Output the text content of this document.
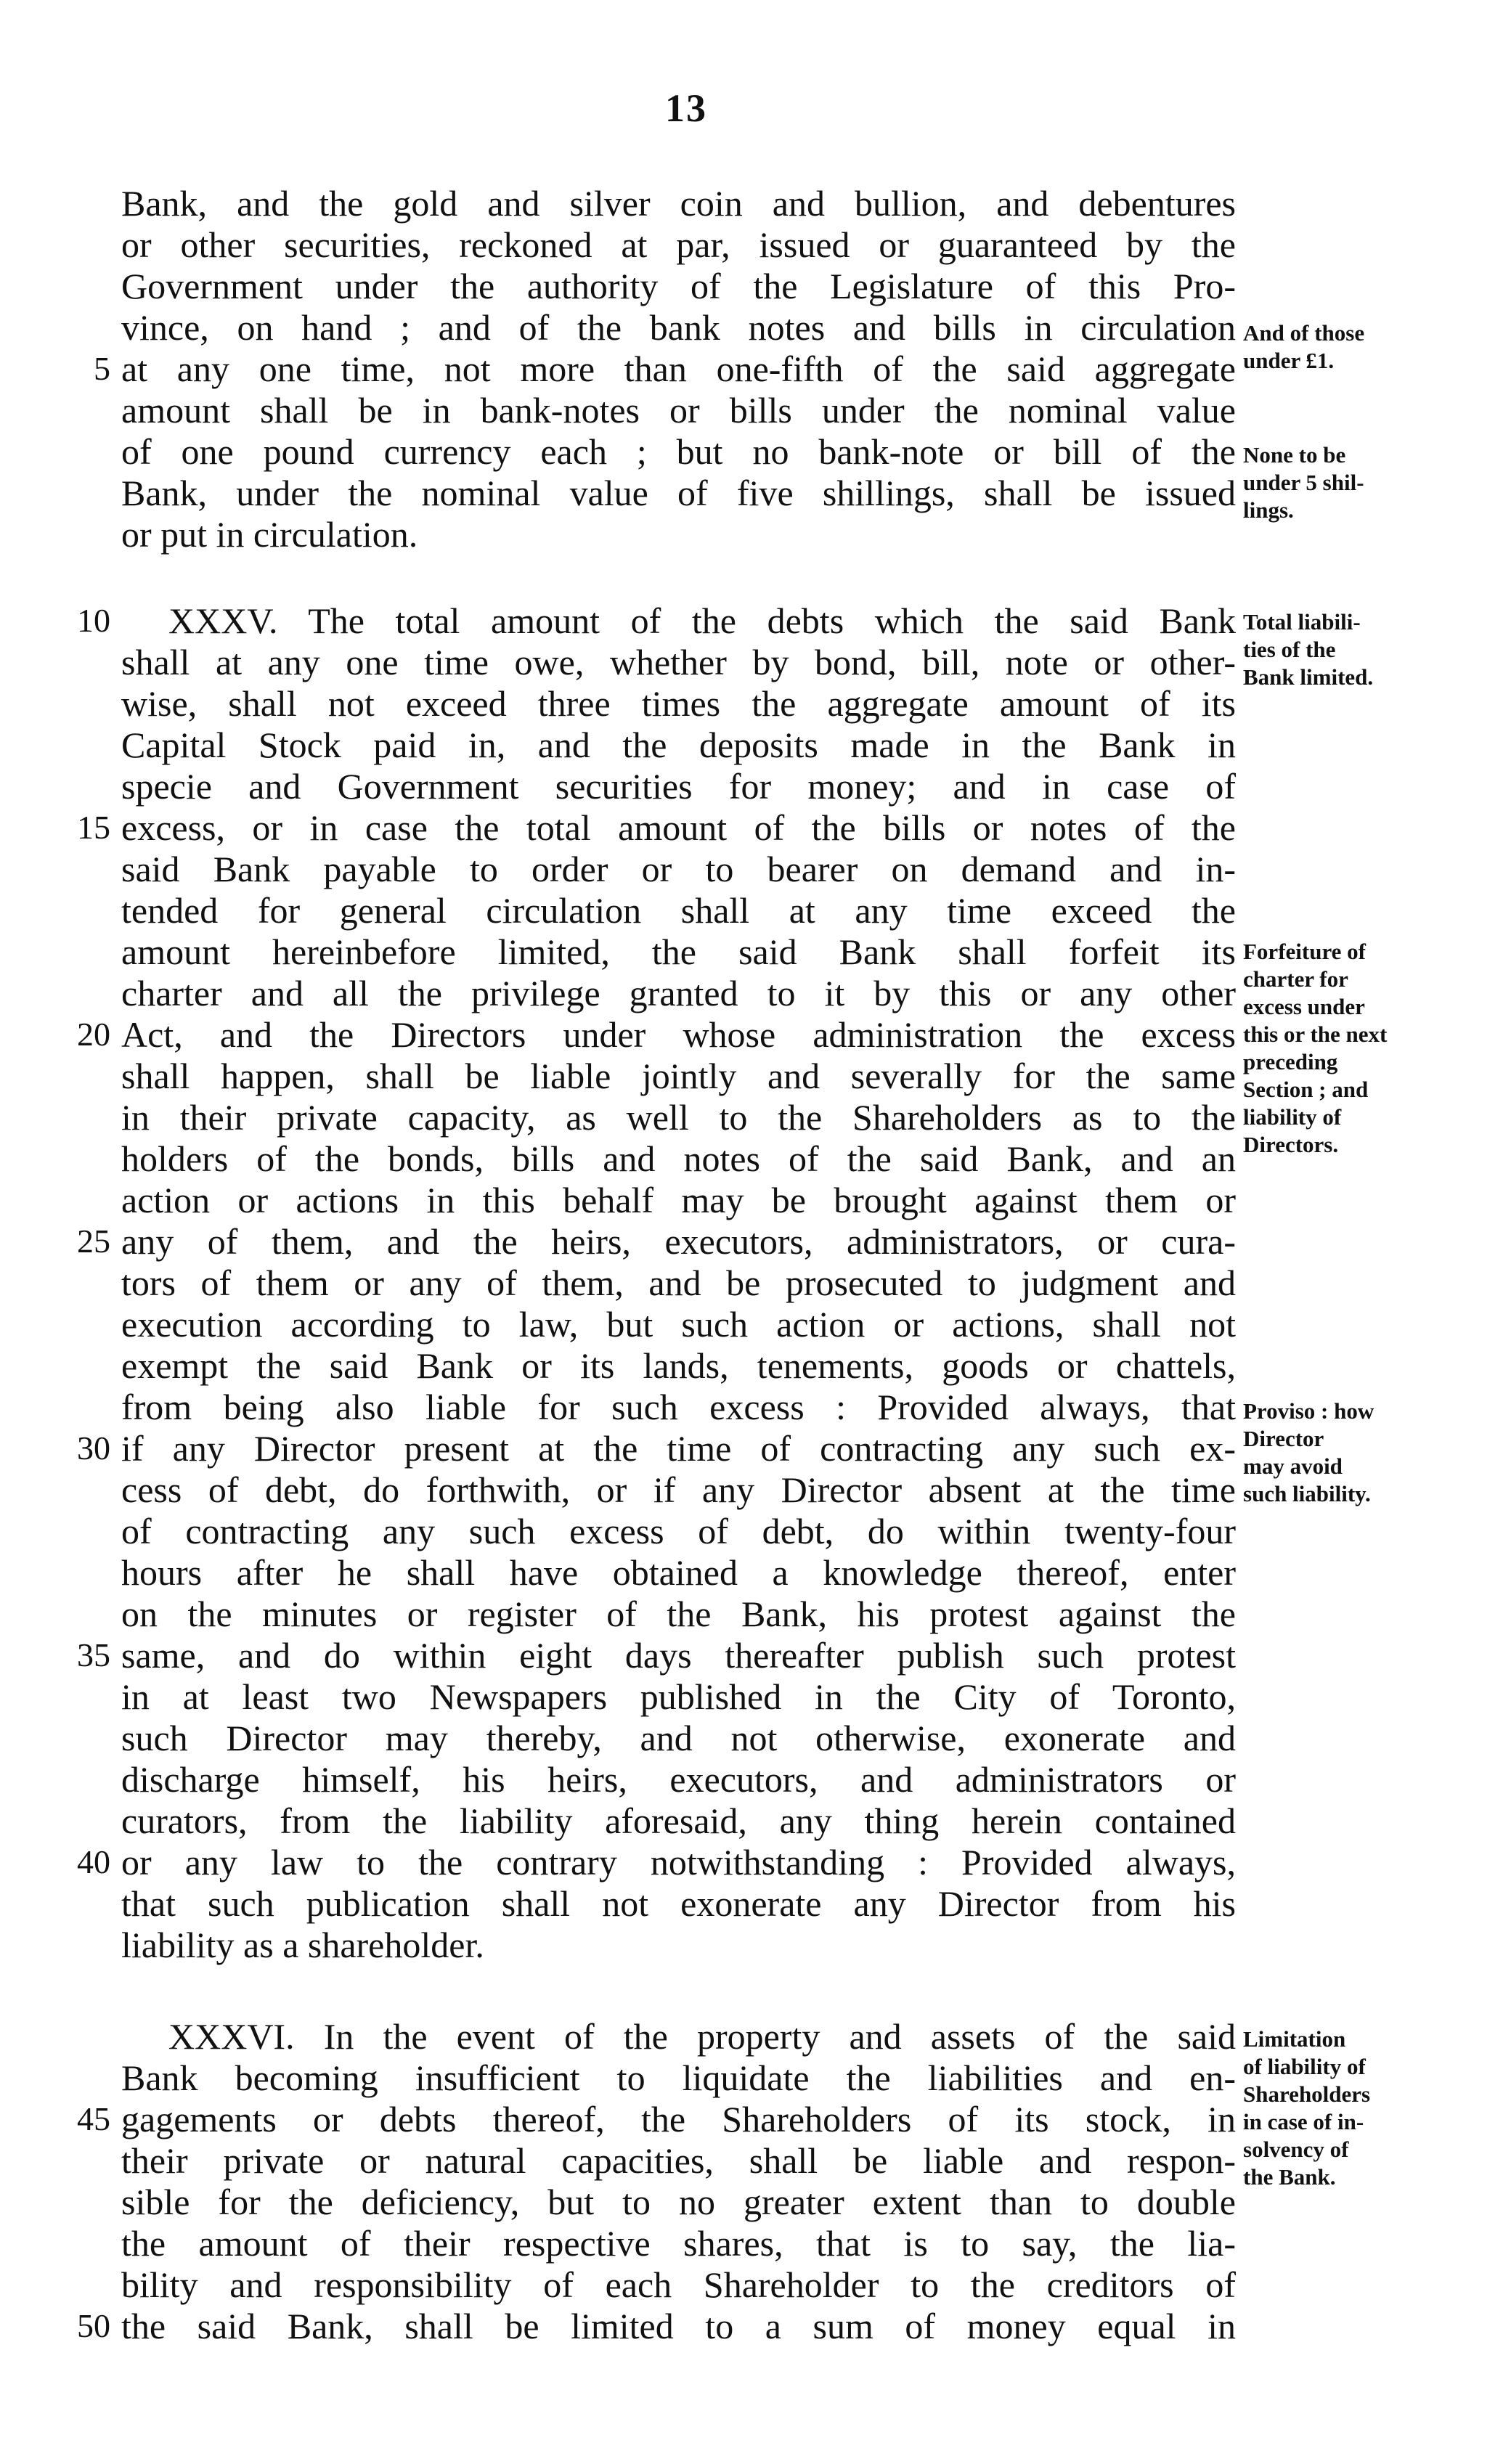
13
Bank, and the gold and silver coin and bullion, and debentures
or other securities, reckoned at par, issued or guaranteed by the
Government under the authority of the Legislature of this Pro-
vince, on hand ; and of the bank notes and bills in circulation
at any one time, not more than one-fifth of the said aggregate
amount shall be in bank-notes or bills under the nominal value
of one pound currency each ; but no bank-note or bill of the
Bank, under the nominal value of five shillings, shall be issued
or put in circulation.
XXXV. The total amount of the debts which the said Bank
shall at any one time owe, whether by bond, bill, note or other-
wise, shall not exceed three times the aggregate amount of its
Capital Stock paid in, and the deposits made in the Bank in
specie and Government securities for money; and in case of
excess, or in case the total amount of the bills or notes of the
said Bank payable to order or to bearer on demand and in-
tended for general circulation shall at any time exceed the
amount hereinbefore limited, the said Bank shall forfeit its
charter and all the privilege granted to it by this or any other
Act, and the Directors under whose administration the excess
shall happen, shall be liable jointly and severally for the same
in their private capacity, as well to the Shareholders as to the
holders of the bonds, bills and notes of the said Bank, and an
action or actions in this behalf may be brought against them or
any of them, and the heirs, executors, administrators, or cura-
tors of them or any of them, and be prosecuted to judgment and
execution according to law, but such action or actions, shall not
exempt the said Bank or its lands, tenements, goods or chattels,
from being also liable for such excess : Provided always, that
if any Director present at the time of contracting any such ex-
cess of debt, do forthwith, or if any Director absent at the time
of contracting any such excess of debt, do within twenty-four
hours after he shall have obtained a knowledge thereof, enter
on the minutes or register of the Bank, his protest against the
same, and do within eight days thereafter publish such protest
in at least two Newspapers published in the City of Toronto,
such Director may thereby, and not otherwise, exonerate and
discharge himself, his heirs, executors, and administrators or
curators, from the liability aforesaid, any thing herein contained
or any law to the contrary notwithstanding : Provided always,
that such publication shall not exonerate any Director from his
liability as a shareholder.
XXXVI. In the event of the property and assets of the said
Bank becoming insufficient to liquidate the liabilities and en-
gagements or debts thereof, the Shareholders of its stock, in
their private or natural capacities, shall be liable and respon-
sible for the deficiency, but to no greater extent than to double
the amount of their respective shares, that is to say, the lia-
bility and responsibility of each Shareholder to the creditors of
the said Bank, shall be limited to a sum of money equal in
5
10
15
20
25
30
35
40
45
50
And of those
under £1.
None to be
under 5 shil-
lings.
Total liabili-
ties of the
Bank limited.
Forfeiture of
charter for
excess under
this or the next
preceding
Section ; and
liability of
Directors.
Proviso : how
Director
may avoid
such liability.
Limitation
of liability of
Shareholders
in case of in-
solvency of
the Bank.
